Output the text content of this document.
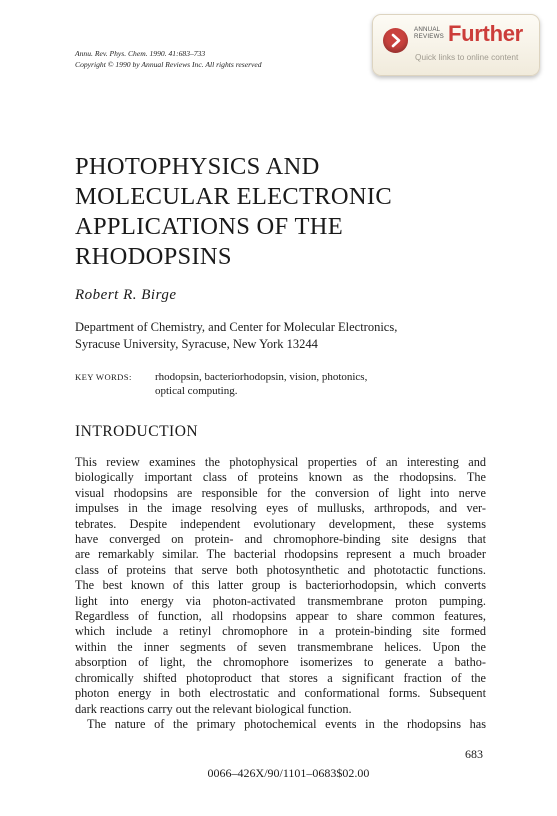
Annu. Rev. Phys. Chem. 1990. 41:683–733
Copyright © 1990 by Annual Reviews Inc. All rights reserved
ANNUAL
REVIEWS Further
Quick links to online content
PHOTOPHYSICS AND
MOLECULAR ELECTRONIC
APPLICATIONS OF THE
RHODOPSINS
Robert R. Birge
Department of Chemistry, and Center for Molecular Electronics,
Syracuse University, Syracuse, New York 13244
KEY WORDS: rhodopsin, bacteriorhodopsin, vision, photonics,
optical computing.
INTRODUCTION
This review examines the photophysical properties of an interesting and
biologically important class of proteins known as the rhodopsins. The
visual rhodopsins are responsible for the conversion of light into nerve
impulses in the image resolving eyes of mullusks, arthropods, and ver-
tebrates. Despite independent evolutionary development, these systems
have converged on protein- and chromophore-binding site designs that
are remarkably similar. The bacterial rhodopsins represent a much broader
class of proteins that serve both photosynthetic and phototactic functions.
The best known of this latter group is bacteriorhodopsin, which converts
light into energy via photon-activated transmembrane proton pumping.
Regardless of function, all rhodopsins appear to share common features,
which include a retinyl chromophore in a protein-binding site formed
within the inner segments of seven transmembrane helices. Upon the
absorption of light, the chromophore isomerizes to generate a batho-
chromically shifted photoproduct that stores a significant fraction of the
photon energy in both electrostatic and conformational forms. Subsequent
dark reactions carry out the relevant biological function.
The nature of the primary photochemical events in the rhodopsins has
683
0066–426X/90/1101–0683$02.00
